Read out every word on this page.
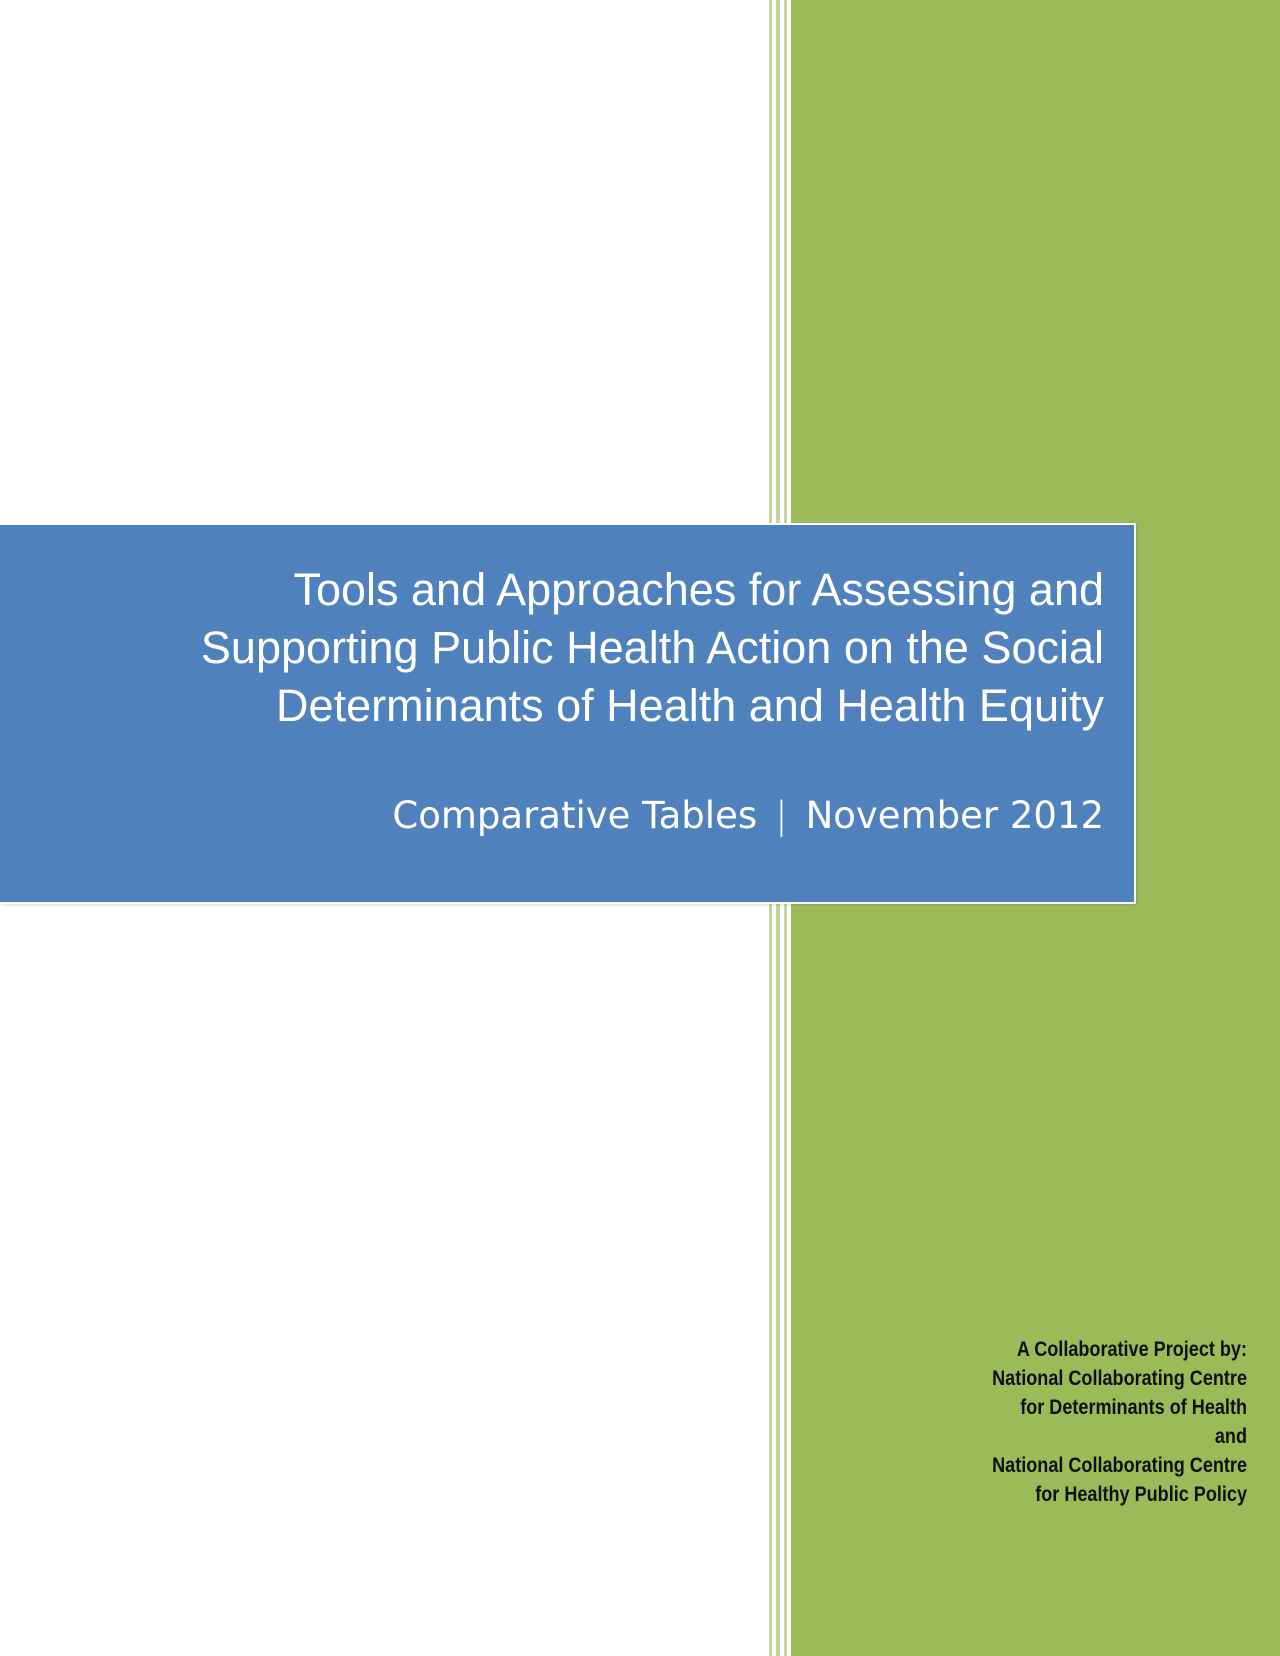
Tools and Approaches for Assessing and
Supporting Public Health Action on the Social
Determinants of Health and Health Equity
Comparative Tables | November 2012
A Collaborative Project by:
National Collaborating Centre
for Determinants of Health
and
National Collaborating Centre
for Healthy Public Policy
